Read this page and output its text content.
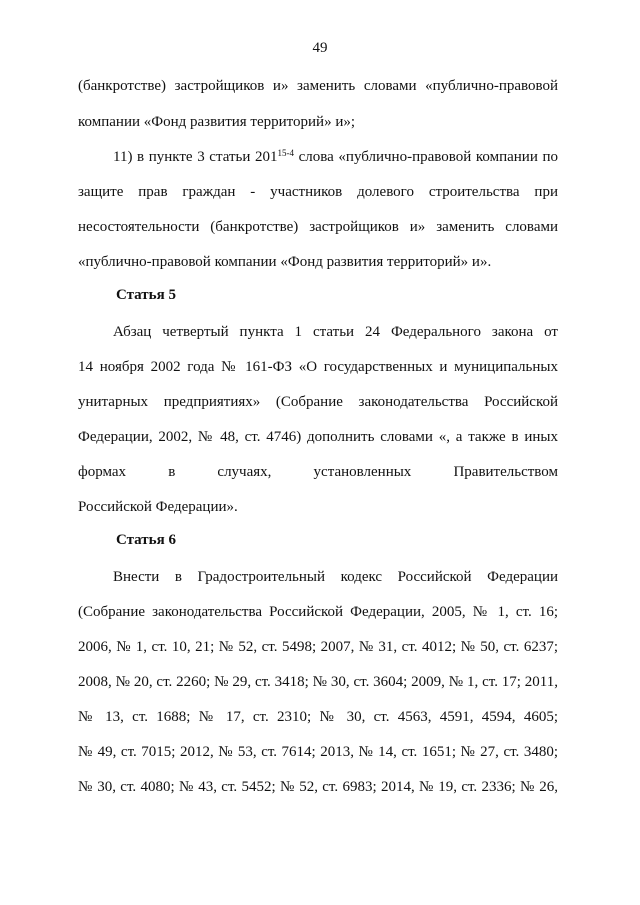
49
(банкротстве) застройщиков и» заменить словами «публично-правовой
компании «Фонд развития территорий» и»;
11) в пункте 3 статьи 201$^{15-4}$ слова «публично-правовой компании по
защите прав граждан - участников долевого строительства при
несостоятельности (банкротстве) застройщиков и» заменить словами
«публично-правовой компании «Фонд развития территорий» и».
Статья 5
Абзац четвертый пункта 1 статьи 24 Федерального закона от
14 ноября 2002 года № 161-ФЗ «О государственных и муниципальных
унитарных предприятиях» (Собрание законодательства Российской
Федерации, 2002, № 48, ст. 4746) дополнить словами «, а также в иных
формах в случаях, установленных Правительством
Российской Федерации».
Статья 6
Внести в Градостроительный кодекс Российской Федерации
(Собрание законодательства Российской Федерации, 2005, № 1, ст. 16;
2006, № 1, ст. 10, 21; № 52, ст. 5498; 2007, № 31, ст. 4012; № 50, ст. 6237;
2008, № 20, ст. 2260; № 29, ст. 3418; № 30, ст. 3604; 2009, № 1, ст. 17; 2011,
№ 13, ст. 1688; № 17, ст. 2310; № 30, ст. 4563, 4591, 4594, 4605;
№ 49, ст. 7015; 2012, № 53, ст. 7614; 2013, № 14, ст. 1651; № 27, ст. 3480;
№ 30, ст. 4080; № 43, ст. 5452; № 52, ст. 6983; 2014, № 19, ст. 2336; № 26,
